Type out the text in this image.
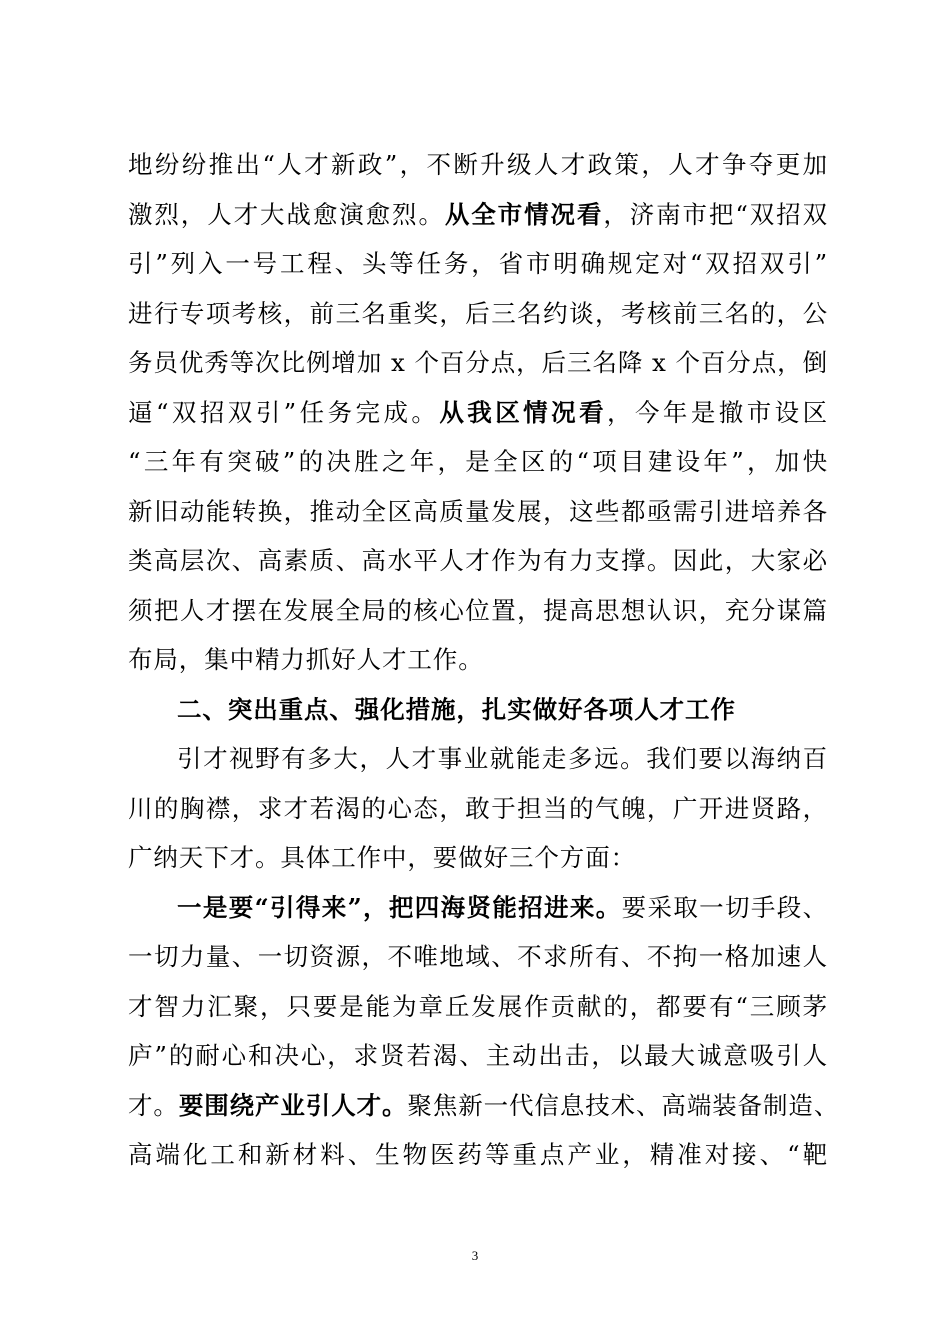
地纷纷推出“人才新政”，不断升级人才政策，人才争夺更加
激烈，人才大战愈演愈烈。从全市情况看，济南市把“双招双
引”列入一号工程、头等任务，省市明确规定对“双招双引”
进行专项考核，前三名重奖，后三名约谈，考核前三名的，公
务员优秀等次比例增加 x 个百分点，后三名降 x 个百分点，倒
逼“双招双引”任务完成。从我区情况看，今年是撤市设区
“三年有突破”的决胜之年，是全区的“项目建设年”，加快
新旧动能转换，推动全区高质量发展，这些都亟需引进培养各
类高层次、高素质、高水平人才作为有力支撑。因此，大家必
须把人才摆在发展全局的核心位置，提高思想认识，充分谋篇
布局，集中精力抓好人才工作。
二、突出重点、强化措施，扎实做好各项人才工作
引才视野有多大，人才事业就能走多远。我们要以海纳百
川的胸襟，求才若渴的心态，敢于担当的气魄，广开进贤路，
广纳天下才。具体工作中，要做好三个方面：
一是要“引得来”，把四海贤能招进来。要采取一切手段、
一切力量、一切资源，不唯地域、不求所有、不拘一格加速人
才智力汇聚，只要是能为章丘发展作贡献的，都要有“三顾茅
庐”的耐心和决心，求贤若渴、主动出击，以最大诚意吸引人
才。要围绕产业引人才。聚焦新一代信息技术、高端装备制造、
高端化工和新材料、生物医药等重点产业，精准对接、“靶
3
